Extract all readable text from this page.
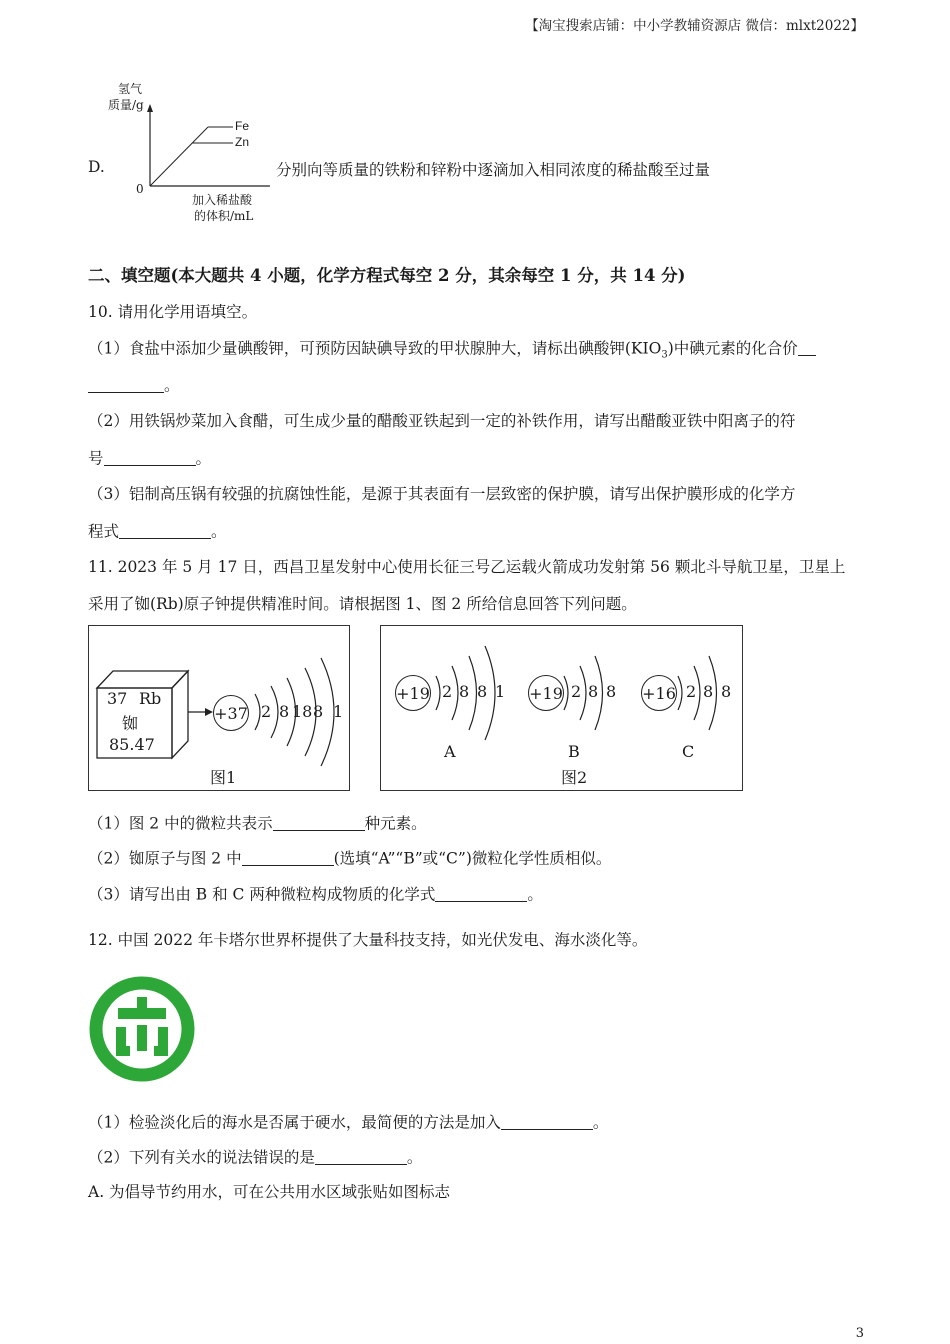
【淘宝搜索店铺：中小学教辅资源店 微信：mlxt2022】
D.
氢气
质量/g
Fe
Zn
0
加入稀盐酸
的体积/mL
分别向等质量的铁粉和锌粉中逐滴加入相同浓度的稀盐酸至过量
二、填空题(本大题共 4 小题，化学方程式每空 2 分，其余每空 1 分，共 14 分)
10. 请用化学用语填空。
（1）食盐中添加少量碘酸钾，可预防因缺碘导致的甲状腺肿大，请标出碘酸钾$(KIO_3)$中碘元素的化合价
。
（2）用铁锅炒菜加入食醋，可生成少量的醋酸亚铁起到一定的补铁作用，请写出醋酸亚铁中阳离子的符
号	。
（3）铝制高压锅有较强的抗腐蚀性能，是源于其表面有一层致密的保护膜，请写出保护膜形成的化学方
程式	。
11. 2023 年 5 月 17 日，西昌卫星发射中心使用长征三号乙运载火箭成功发射第 56 颗北斗导航卫星，卫星上
采用了铷(Rb)原子钟提供精准时间。请根据图 1、图 2 所给信息回答下列问题。
37 Rb
铷
85.47
+37 2 8 18 8 1
图1
+19 2 8 8 1
A
+19 2 8 8
B
+16 2 8 8
C
图2
（1）图 2 中的微粒共表示	种元素。
（2）铷原子与图 2 中	(选填“A”“B”或“C”)微粒化学性质相似。
（3）请写出由 B 和 C 两种微粒构成物质的化学式	。
12. 中国 2022 年卡塔尔世界杯提供了大量科技支持，如光伏发电、海水淡化等。
（1）检验淡化后的海水是否属于硬水，最简便的方法是加入	。
（2）下列有关水的说法错误的是	。
A. 为倡导节约用水，可在公共用水区域张贴如图标志
3
